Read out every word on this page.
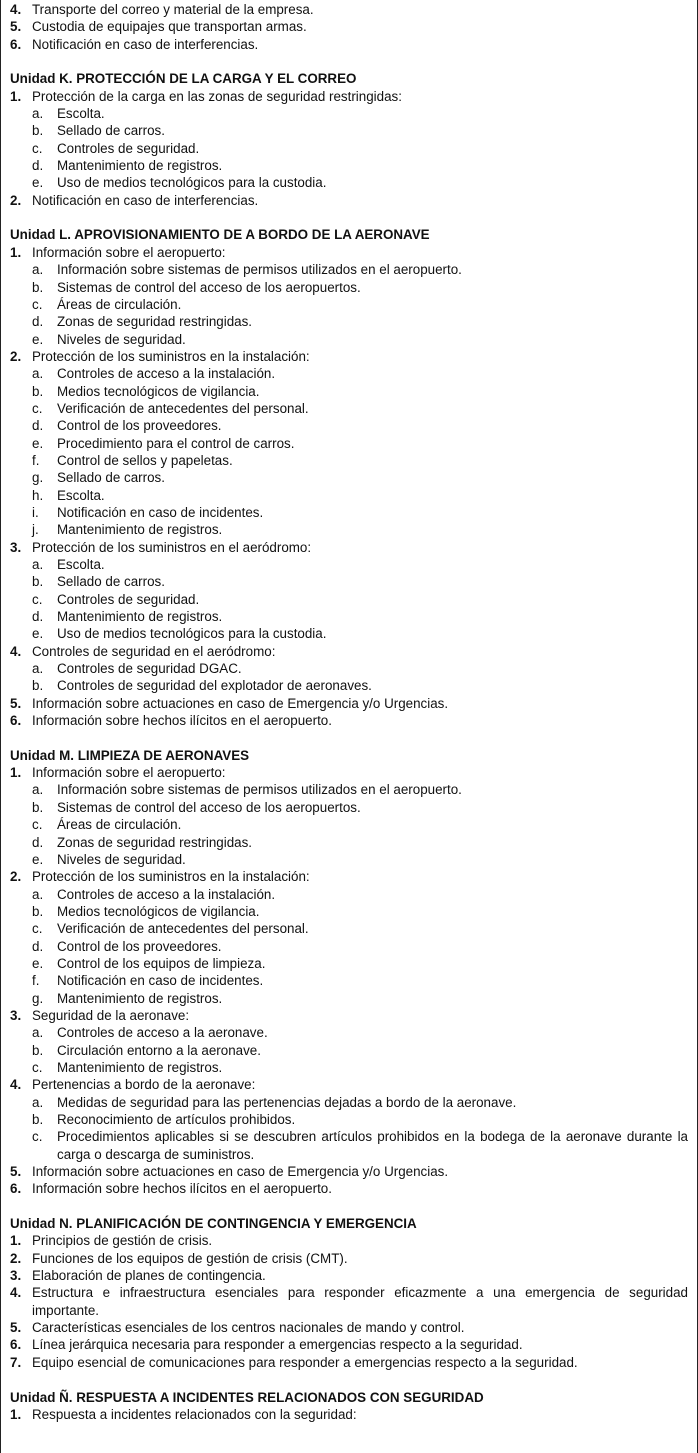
4. Transporte del correo y material de la empresa.
5. Custodia de equipajes que transportan armas.
6. Notificación en caso de interferencias.
Unidad K. PROTECCIÓN DE LA CARGA Y EL CORREO
1. Protección de la carga en las zonas de seguridad restringidas:
a. Escolta.
b. Sellado de carros.
c. Controles de seguridad.
d. Mantenimiento de registros.
e. Uso de medios tecnológicos para la custodia.
2. Notificación en caso de interferencias.
Unidad L. APROVISIONAMIENTO DE A BORDO DE LA AERONAVE
1. Información sobre el aeropuerto:
a. Información sobre sistemas de permisos utilizados en el aeropuerto.
b. Sistemas de control del acceso de los aeropuertos.
c. Áreas de circulación.
d. Zonas de seguridad restringidas.
e. Niveles de seguridad.
2. Protección de los suministros en la instalación:
a. Controles de acceso a la instalación.
b. Medios tecnológicos de vigilancia.
c. Verificación de antecedentes del personal.
d. Control de los proveedores.
e. Procedimiento para el control de carros.
f. Control de sellos y papeletas.
g. Sellado de carros.
h. Escolta.
i. Notificación en caso de incidentes.
j. Mantenimiento de registros.
3. Protección de los suministros en el aeródromo:
a. Escolta.
b. Sellado de carros.
c. Controles de seguridad.
d. Mantenimiento de registros.
e. Uso de medios tecnológicos para la custodia.
4. Controles de seguridad en el aeródromo:
a. Controles de seguridad DGAC.
b. Controles de seguridad del explotador de aeronaves.
5. Información sobre actuaciones en caso de Emergencia y/o Urgencias.
6. Información sobre hechos ilícitos en el aeropuerto.
Unidad M. LIMPIEZA DE AERONAVES
1. Información sobre el aeropuerto:
a. Información sobre sistemas de permisos utilizados en el aeropuerto.
b. Sistemas de control del acceso de los aeropuertos.
c. Áreas de circulación.
d. Zonas de seguridad restringidas.
e. Niveles de seguridad.
2. Protección de los suministros en la instalación:
a. Controles de acceso a la instalación.
b. Medios tecnológicos de vigilancia.
c. Verificación de antecedentes del personal.
d. Control de los proveedores.
e. Control de los equipos de limpieza.
f. Notificación en caso de incidentes.
g. Mantenimiento de registros.
3. Seguridad de la aeronave:
a. Controles de acceso a la aeronave.
b. Circulación entorno a la aeronave.
c. Mantenimiento de registros.
4. Pertenencias a bordo de la aeronave:
a. Medidas de seguridad para las pertenencias dejadas a bordo de la aeronave.
b. Reconocimiento de artículos prohibidos.
c. Procedimientos aplicables si se descubren artículos prohibidos en la bodega de la aeronave durante la carga o descarga de suministros.
5. Información sobre actuaciones en caso de Emergencia y/o Urgencias.
6. Información sobre hechos ilícitos en el aeropuerto.
Unidad N. PLANIFICACIÓN DE CONTINGENCIA Y EMERGENCIA
1. Principios de gestión de crisis.
2. Funciones de los equipos de gestión de crisis (CMT).
3. Elaboración de planes de contingencia.
4. Estructura e infraestructura esenciales para responder eficazmente a una emergencia de seguridad importante.
5. Características esenciales de los centros nacionales de mando y control.
6. Línea jerárquica necesaria para responder a emergencias respecto a la seguridad.
7. Equipo esencial de comunicaciones para responder a emergencias respecto a la seguridad.
Unidad Ñ. RESPUESTA A INCIDENTES RELACIONADOS CON SEGURIDAD
1. Respuesta a incidentes relacionados con la seguridad:
